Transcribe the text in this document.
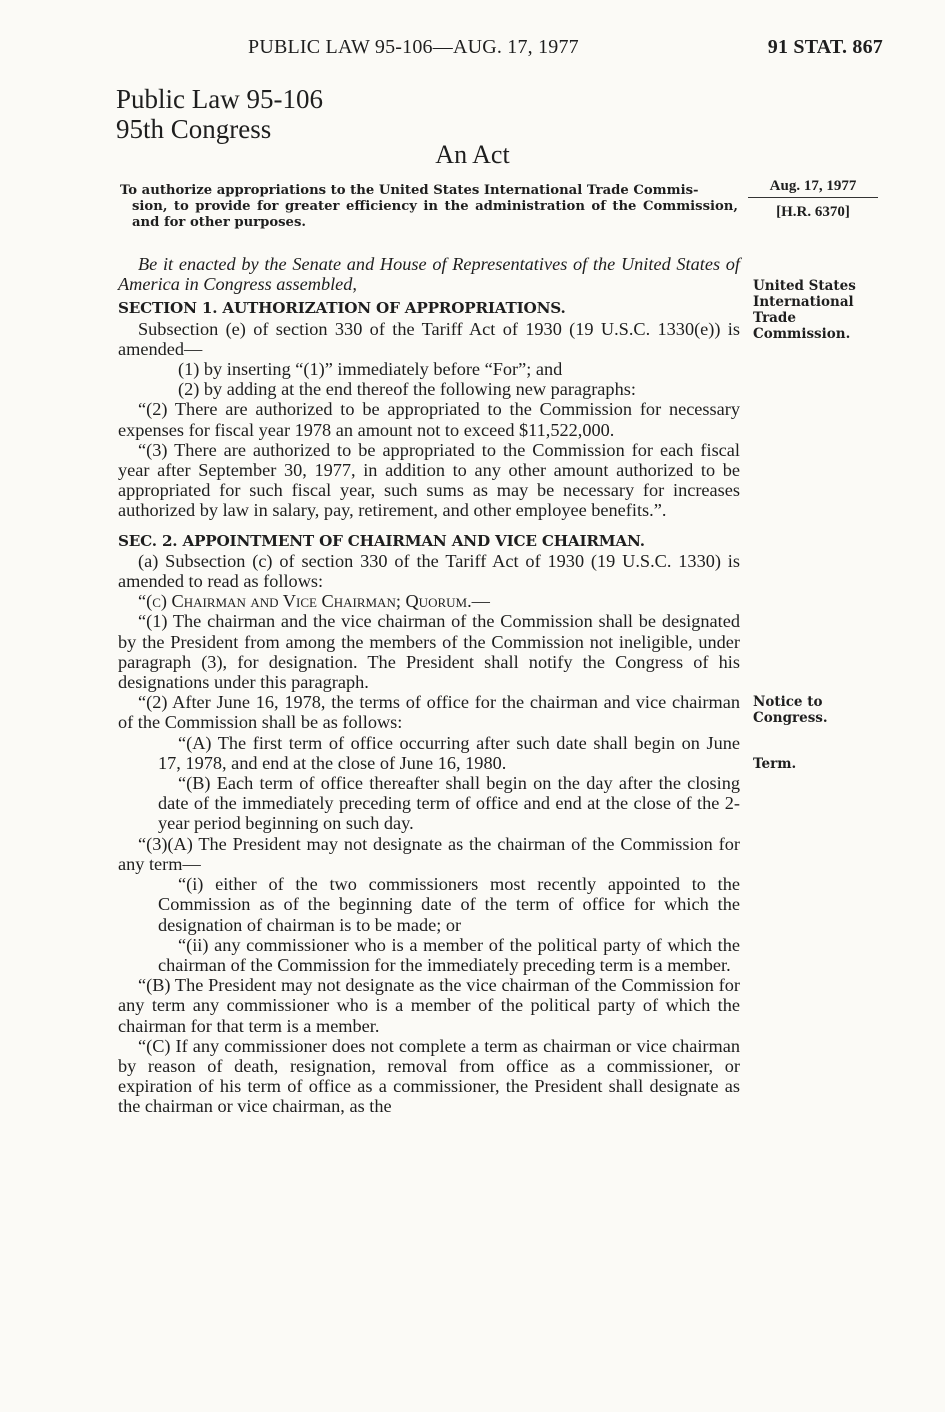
PUBLIC LAW 95-106—AUG. 17, 1977	91 STAT. 867
Public Law 95-106
95th Congress
An Act
To authorize appropriations to the United States International Trade Commis-
sion, to provide for greater efficiency in the administration of the Commission, and for other purposes.
Aug. 17, 1977
[H.R. 6370]

Be it enacted by the Senate and House of Representatives of the United States of America in Congress assembled,

SECTION 1. AUTHORIZATION OF APPROPRIATIONS.

Subsection (e) of section 330 of the Tariff Act of 1930 (19 U.S.C. 1330(e)) is amended—

(1) by inserting “(1)” immediately before “For”; and

(2) by adding at the end thereof the following new paragraphs:

“(2) There are authorized to be appropriated to the Commission for necessary expenses for fiscal year 1978 an amount not to exceed $11,522,000.

“(3) There are authorized to be appropriated to the Commission for each fiscal year after September 30, 1977, in addition to any other amount authorized to be appropriated for such fiscal year, such sums as may be necessary for increases authorized by law in salary, pay, retirement, and other employee benefits.”.

SEC. 2. APPOINTMENT OF CHAIRMAN AND VICE CHAIRMAN.

(a) Subsection (c) of section 330 of the Tariff Act of 1930 (19 U.S.C. 1330) is amended to read as follows:

“(c) Chairman and Vice Chairman; Quorum.—

“(1) The chairman and the vice chairman of the Commission shall be designated by the President from among the members of the Commission not ineligible, under paragraph (3), for designation. The President shall notify the Congress of his designations under this paragraph.

“(2) After June 16, 1978, the terms of office for the chairman and vice chairman of the Commission shall be as follows:

“(A) The first term of office occurring after such date shall begin on June 17, 1978, and end at the close of June 16, 1980.

“(B) Each term of office thereafter shall begin on the day after the closing date of the immediately preceding term of office and end at the close of the 2-year period beginning on such day.

“(3)(A) The President may not designate as the chairman of the Commission for any term—

“(i) either of the two commissioners most recently appointed to the Commission as of the beginning date of the term of office for which the designation of chairman is to be made; or

“(ii) any commissioner who is a member of the political party of which the chairman of the Commission for the immediately preceding term is a member.

“(B) The President may not designate as the vice chairman of the Commission for any term any commissioner who is a member of the political party of which the chairman for that term is a member.

“(C) If any commissioner does not complete a term as chairman or vice chairman by reason of death, resignation, removal from office as a commissioner, or expiration of his term of office as a commissioner, the President shall designate as the chairman or vice chairman, as the

United States
International
Trade
Commission.
Notice to
Congress.
Term.
